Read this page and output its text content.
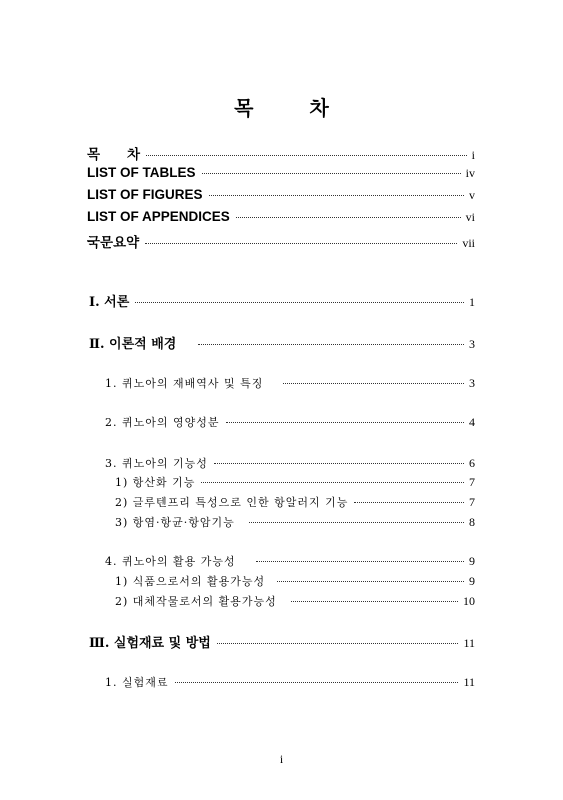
목	차
목　　차	i
LIST OF TABLES	iv
LIST OF FIGURES	v
LIST OF APPENDICES	vi
국문요약	vii
Ⅰ. 서론	1
Ⅱ. 이론적 배경	3
1. 퀴노아의 재배역사 및 특징	3
2. 퀴노아의 영양성분	4
3. 퀴노아의 기능성	6
1) 항산화 기능	7
2) 글루텐프리 특성으로 인한 항알러지 기능	7
3) 항염·항균·항암기능	8
4. 퀴노아의 활용 가능성	9
1) 식품으로서의 활용가능성	9
2) 대체작물로서의 활용가능성	10
Ⅲ. 실험재료 및 방법	11
1. 실험재료	11
i
